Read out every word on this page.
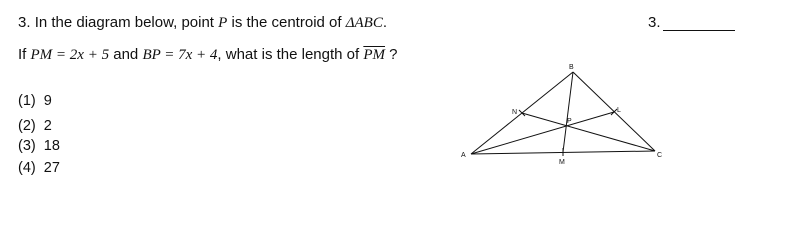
3. In the diagram below, point P is the centroid of ΔABC.
If PM = 2x + 5 and BP = 7x + 4, what is the length of $\overline{PM}$ ?
3.
(1) 9
(2) 2
(3) 18
(4) 27
B
N	L
P
A	C
M
